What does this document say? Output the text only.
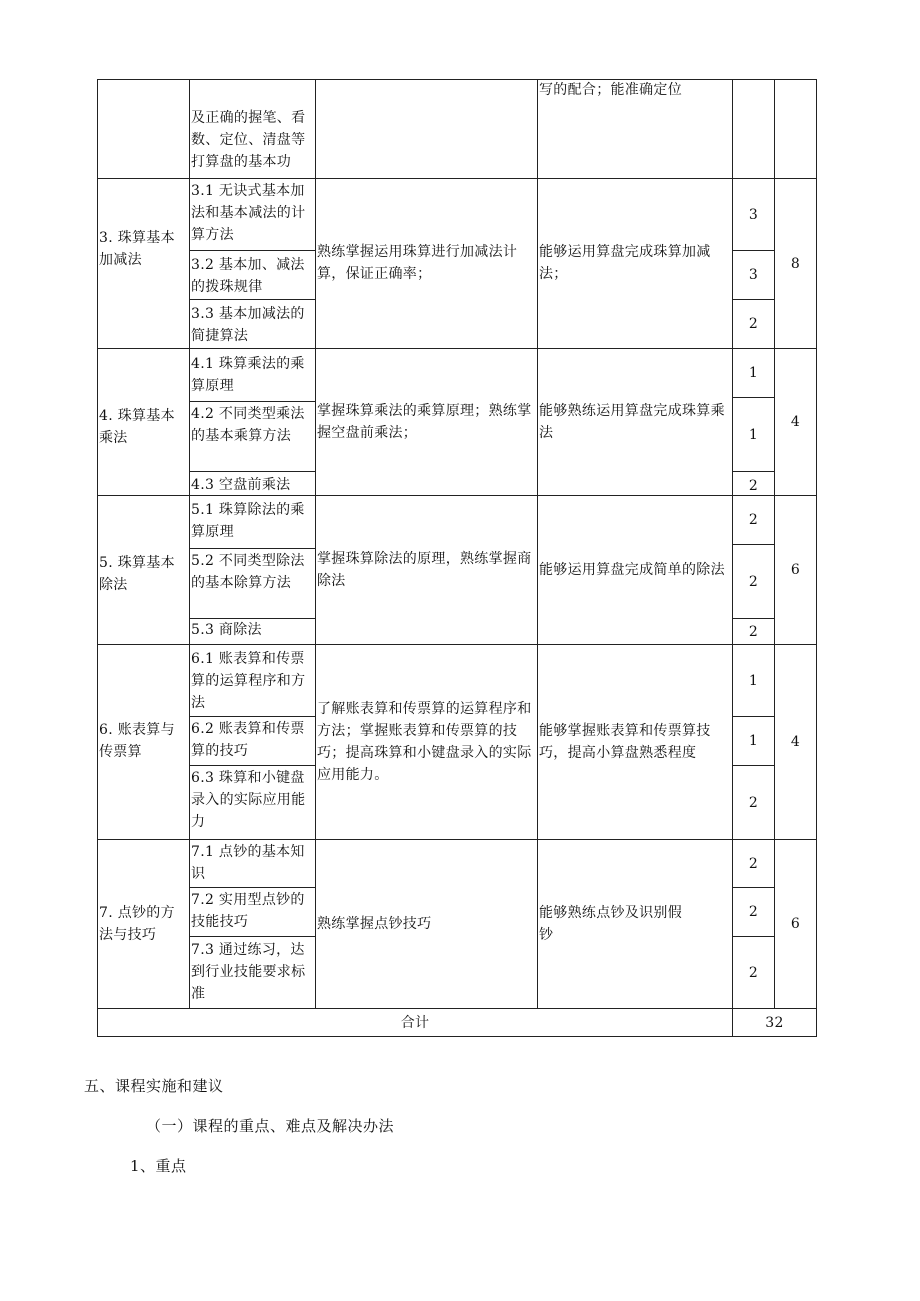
及正确的握笔、看数、定位、清盘等打算盘的基本功
写的配合；能准确定位
3. 珠算基本加减法
3.1 无诀式基本加法和基本减法的计算方法
3.2 基本加、减法的拨珠规律
3.3 基本加减法的简捷算法
熟练掌握运用珠算进行加减法计算，保证正确率；
能够运用算盘完成珠算加减法；
3
3
2
8
4. 珠算基本乘法
4.1 珠算乘法的乘算原理
4.2 不同类型乘法的基本乘算方法
4.3 空盘前乘法
掌握珠算乘法的乘算原理；熟练掌握空盘前乘法；
能够熟练运用算盘完成珠算乘法
1
1
2
4
5. 珠算基本除法
5.1 珠算除法的乘算原理
5.2 不同类型除法的基本除算方法
5.3 商除法
掌握珠算除法的原理，熟练掌握商除法
能够运用算盘完成简单的除法
2
2
2
6
6. 账表算与传票算
6.1 账表算和传票算的运算程序和方法
6.2 账表算和传票算的技巧
6.3 珠算和小键盘录入的实际应用能力
了解账表算和传票算的运算程序和方法；掌握账表算和传票算的技巧；提高珠算和小键盘录入的实际应用能力。
能够掌握账表算和传票算技巧，提高小算盘熟悉程度
1
1
2
4
7. 点钞的方法与技巧
7.1 点钞的基本知识
7.2 实用型点钞的技能技巧
7.3 通过练习，达到行业技能要求标准
熟练掌握点钞技巧
能够熟练点钞及识别假钞
2
2
2
6
合计	32
五、课程实施和建议
（一）课程的重点、难点及解决办法
1、重点
